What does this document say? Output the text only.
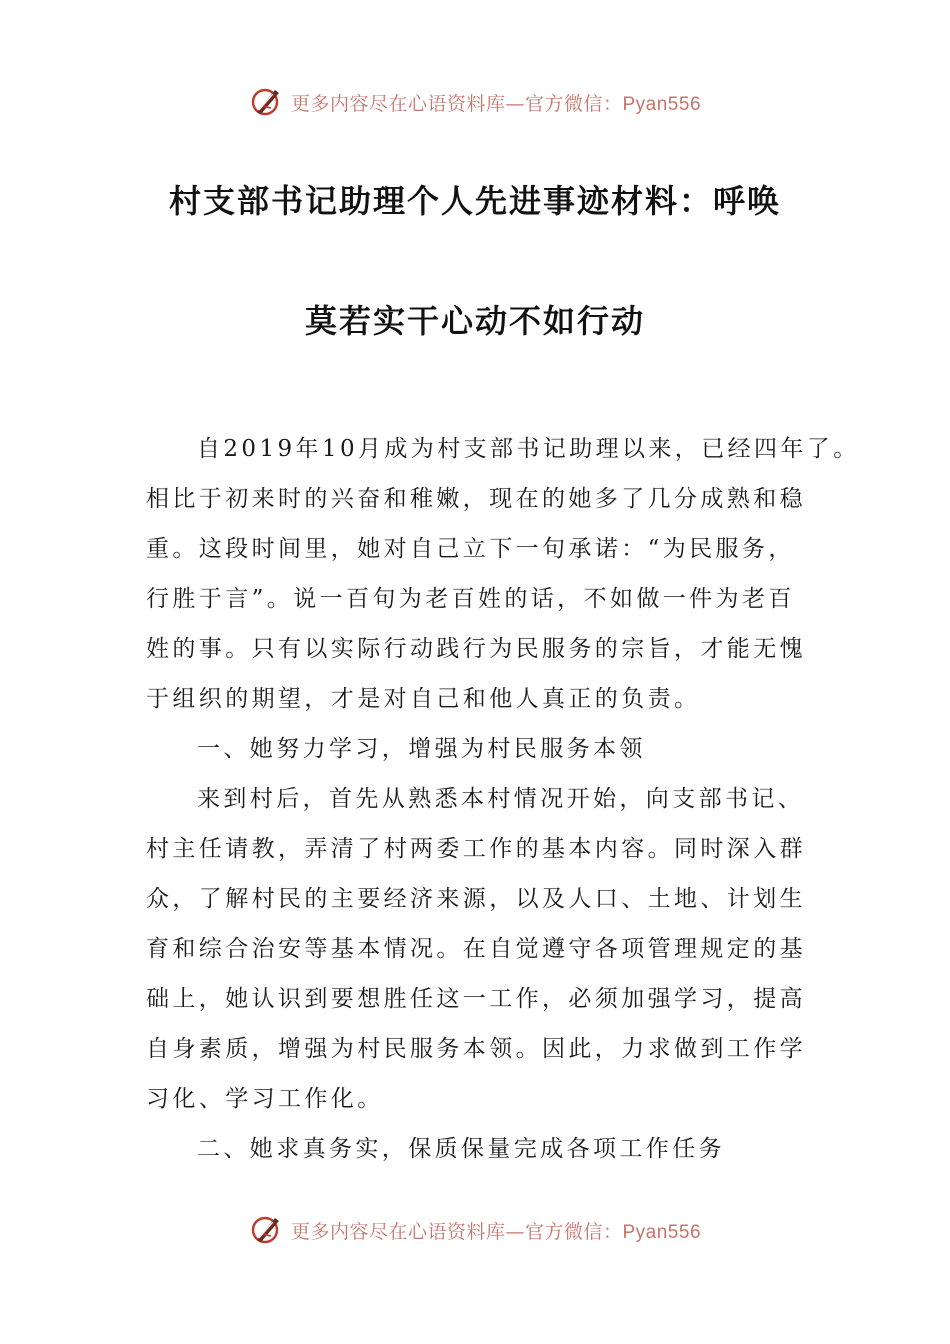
更多内容尽在心语资料库—官方微信：Pyan556
村支部书记助理个人先进事迹材料：呼唤
莫若实干心动不如行动
自2019年10月成为村支部书记助理以来，已经四年了。
相比于初来时的兴奋和稚嫩，现在的她多了几分成熟和稳
重。这段时间里，她对自己立下一句承诺：“为民服务，
行胜于言”。说一百句为老百姓的话，不如做一件为老百
姓的事。只有以实际行动践行为民服务的宗旨，才能无愧
于组织的期望，才是对自己和他人真正的负责。
一、她努力学习，增强为村民服务本领
来到村后，首先从熟悉本村情况开始，向支部书记、
村主任请教，弄清了村两委工作的基本内容。同时深入群
众，了解村民的主要经济来源，以及人口、土地、计划生
育和综合治安等基本情况。在自觉遵守各项管理规定的基
础上，她认识到要想胜任这一工作，必须加强学习，提高
自身素质，增强为村民服务本领。因此，力求做到工作学
习化、学习工作化。
二、她求真务实，保质保量完成各项工作任务
更多内容尽在心语资料库—官方微信：Pyan556
